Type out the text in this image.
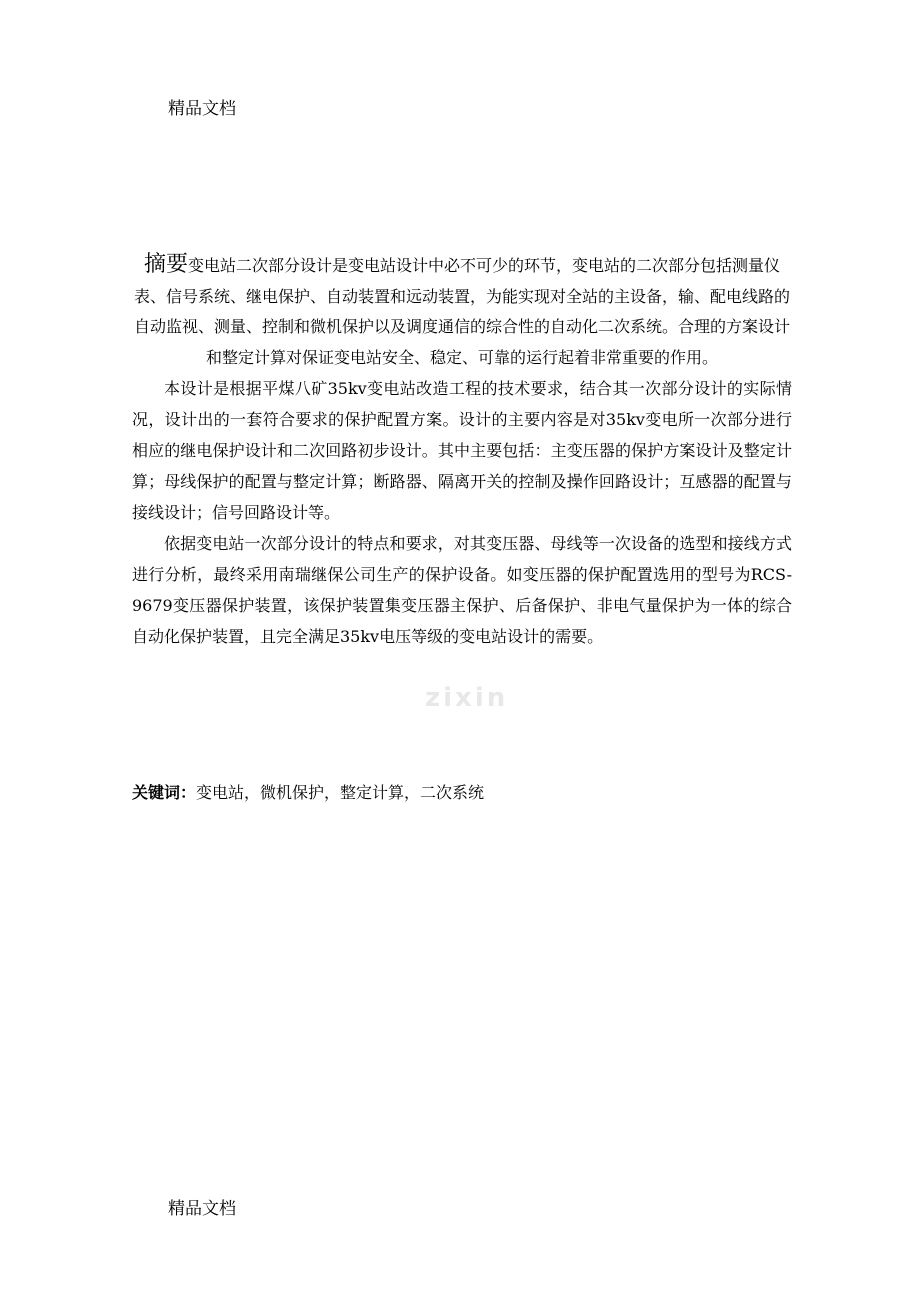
精品文档
摘要变电站二次部分设计是变电站设计中必不可少的环节，变电站的二次部分包括测量仪表、信号系统、继电保护、自动装置和远动装置，为能实现对全站的主设备，输、配电线路的自动监视、测量、控制和微机保护以及调度通信的综合性的自动化二次系统。合理的方案设计和整定计算对保证变电站安全、稳定、可靠的运行起着非常重要的作用。

本设计是根据平煤八矿35kv变电站改造工程的技术要求，结合其一次部分设计的实际情况，设计出的一套符合要求的保护配置方案。设计的主要内容是对35kv变电所一次部分进行相应的继电保护设计和二次回路初步设计。其中主要包括：主变压器的保护方案设计及整定计算；母线保护的配置与整定计算；断路器、隔离开关的控制及操作回路设计；互感器的配置与接线设计；信号回路设计等。

依据变电站一次部分设计的特点和要求，对其变压器、母线等一次设备的选型和接线方式进行分析，最终采用南瑞继保公司生产的保护设备。如变压器的保护配置选用的型号为RCS-9679变压器保护装置，该保护装置集变压器主保护、后备保护、非电气量保护为一体的综合自动化保护装置，且完全满足35kv电压等级的变电站设计的需要。

关键词：变电站，微机保护，整定计算，二次系统
zixin
精品文档
